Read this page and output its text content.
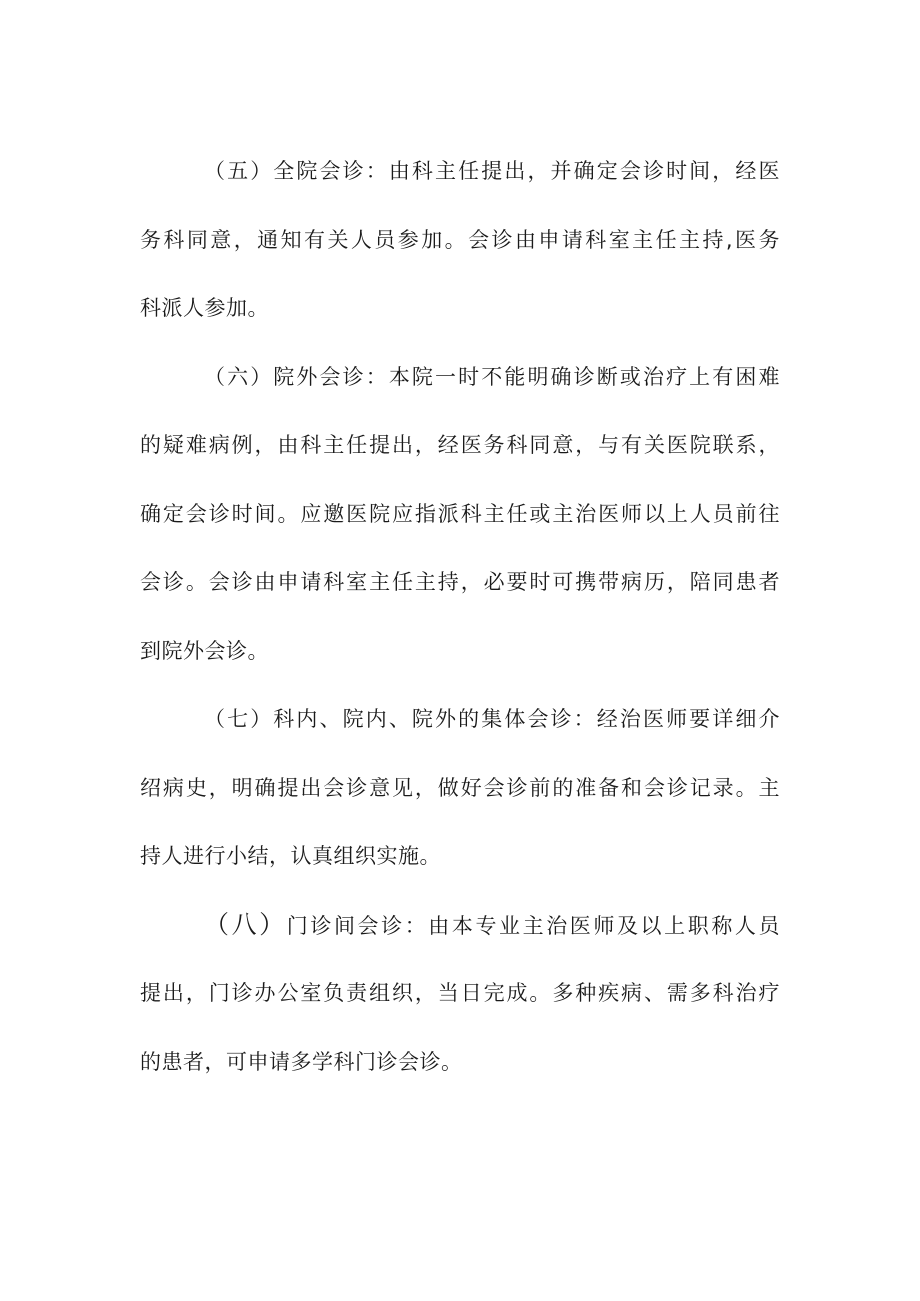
（五）全院会诊：由科主任提出，并确定会诊时间，经医
务科同意，通知有关人员参加。会诊由申请科室主任主持,医务
科派人参加。
（六）院外会诊：本院一时不能明确诊断或治疗上有困难
的疑难病例，由科主任提出，经医务科同意，与有关医院联系，
确定会诊时间。应邀医院应指派科主任或主治医师以上人员前往
会诊。会诊由申请科室主任主持，必要时可携带病历，陪同患者
到院外会诊。
（七）科内、院内、院外的集体会诊：经治医师要详细介
绍病史，明确提出会诊意见，做好会诊前的准备和会诊记录。主
持人进行小结，认真组织实施。
（八）门诊间会诊：由本专业主治医师及以上职称人员
提出，门诊办公室负责组织，当日完成。多种疾病、需多科治疗
的患者，可申请多学科门诊会诊。
